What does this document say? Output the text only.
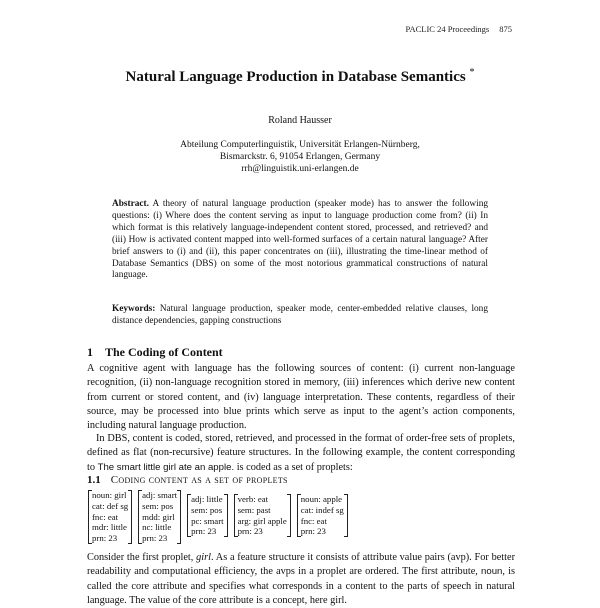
PACLIC 24 Proceedings 875
Natural Language Production in Database Semantics *
Roland Hausser
Abteilung Computerlinguistik, Universität Erlangen-Nürnberg,
Bismarckstr. 6, 91054 Erlangen, Germany
rrh@linguistik.uni-erlangen.de
Abstract. A theory of natural language production (speaker mode) has to answer the following questions: (i) Where does the content serving as input to language production come from? (ii) In which format is this relatively language-independent content stored, processed, and retrieved? and (iii) How is activated content mapped into well-formed surfaces of a certain natural language? After brief answers to (i) and (ii), this paper concentrates on (iii), illustrating the time-linear method of Database Semantics (DBS) on some of the most notorious grammatical constructions of natural language.
Keywords: Natural language production, speaker mode, center-embedded relative clauses, long distance dependencies, gapping constructions
1 The Coding of Content
A cognitive agent with language has the following sources of content: (i) current non-language recognition, (ii) non-language recognition stored in memory, (iii) inferences which derive new content from current or stored content, and (iv) language interpretation. These contents, regardless of their source, may be processed into blue prints which serve as input to the agent’s action components, including natural language production.
In DBS, content is coded, stored, retrieved, and processed in the format of order-free sets of proplets, defined as flat (non-recursive) feature structures. In the following example, the content corresponding to The smart little girl ate an apple. is coded as a set of proplets:
1.1 Coding content as a set of proplets
noun: girl
cat: def sg
fnc: eat
mdr: little
prn: 23
adj: smart
sem: pos
mdd: girl
nc: little
prn: 23
adj: little
sem: pos
pc: smart
prn: 23
verb: eat
sem: past
arg: girl apple
prn: 23
noun: apple
cat: indef sg
fnc: eat
prn: 23
Consider the first proplet, girl. As a feature structure it consists of attribute value pairs (avp). For better readability and computational efficiency, the avps in a proplet are ordered. The first attribute, noun, is called the core attribute and specifies what corresponds in a content to the parts of speech in natural language. The value of the core attribute is a concept, here girl.
